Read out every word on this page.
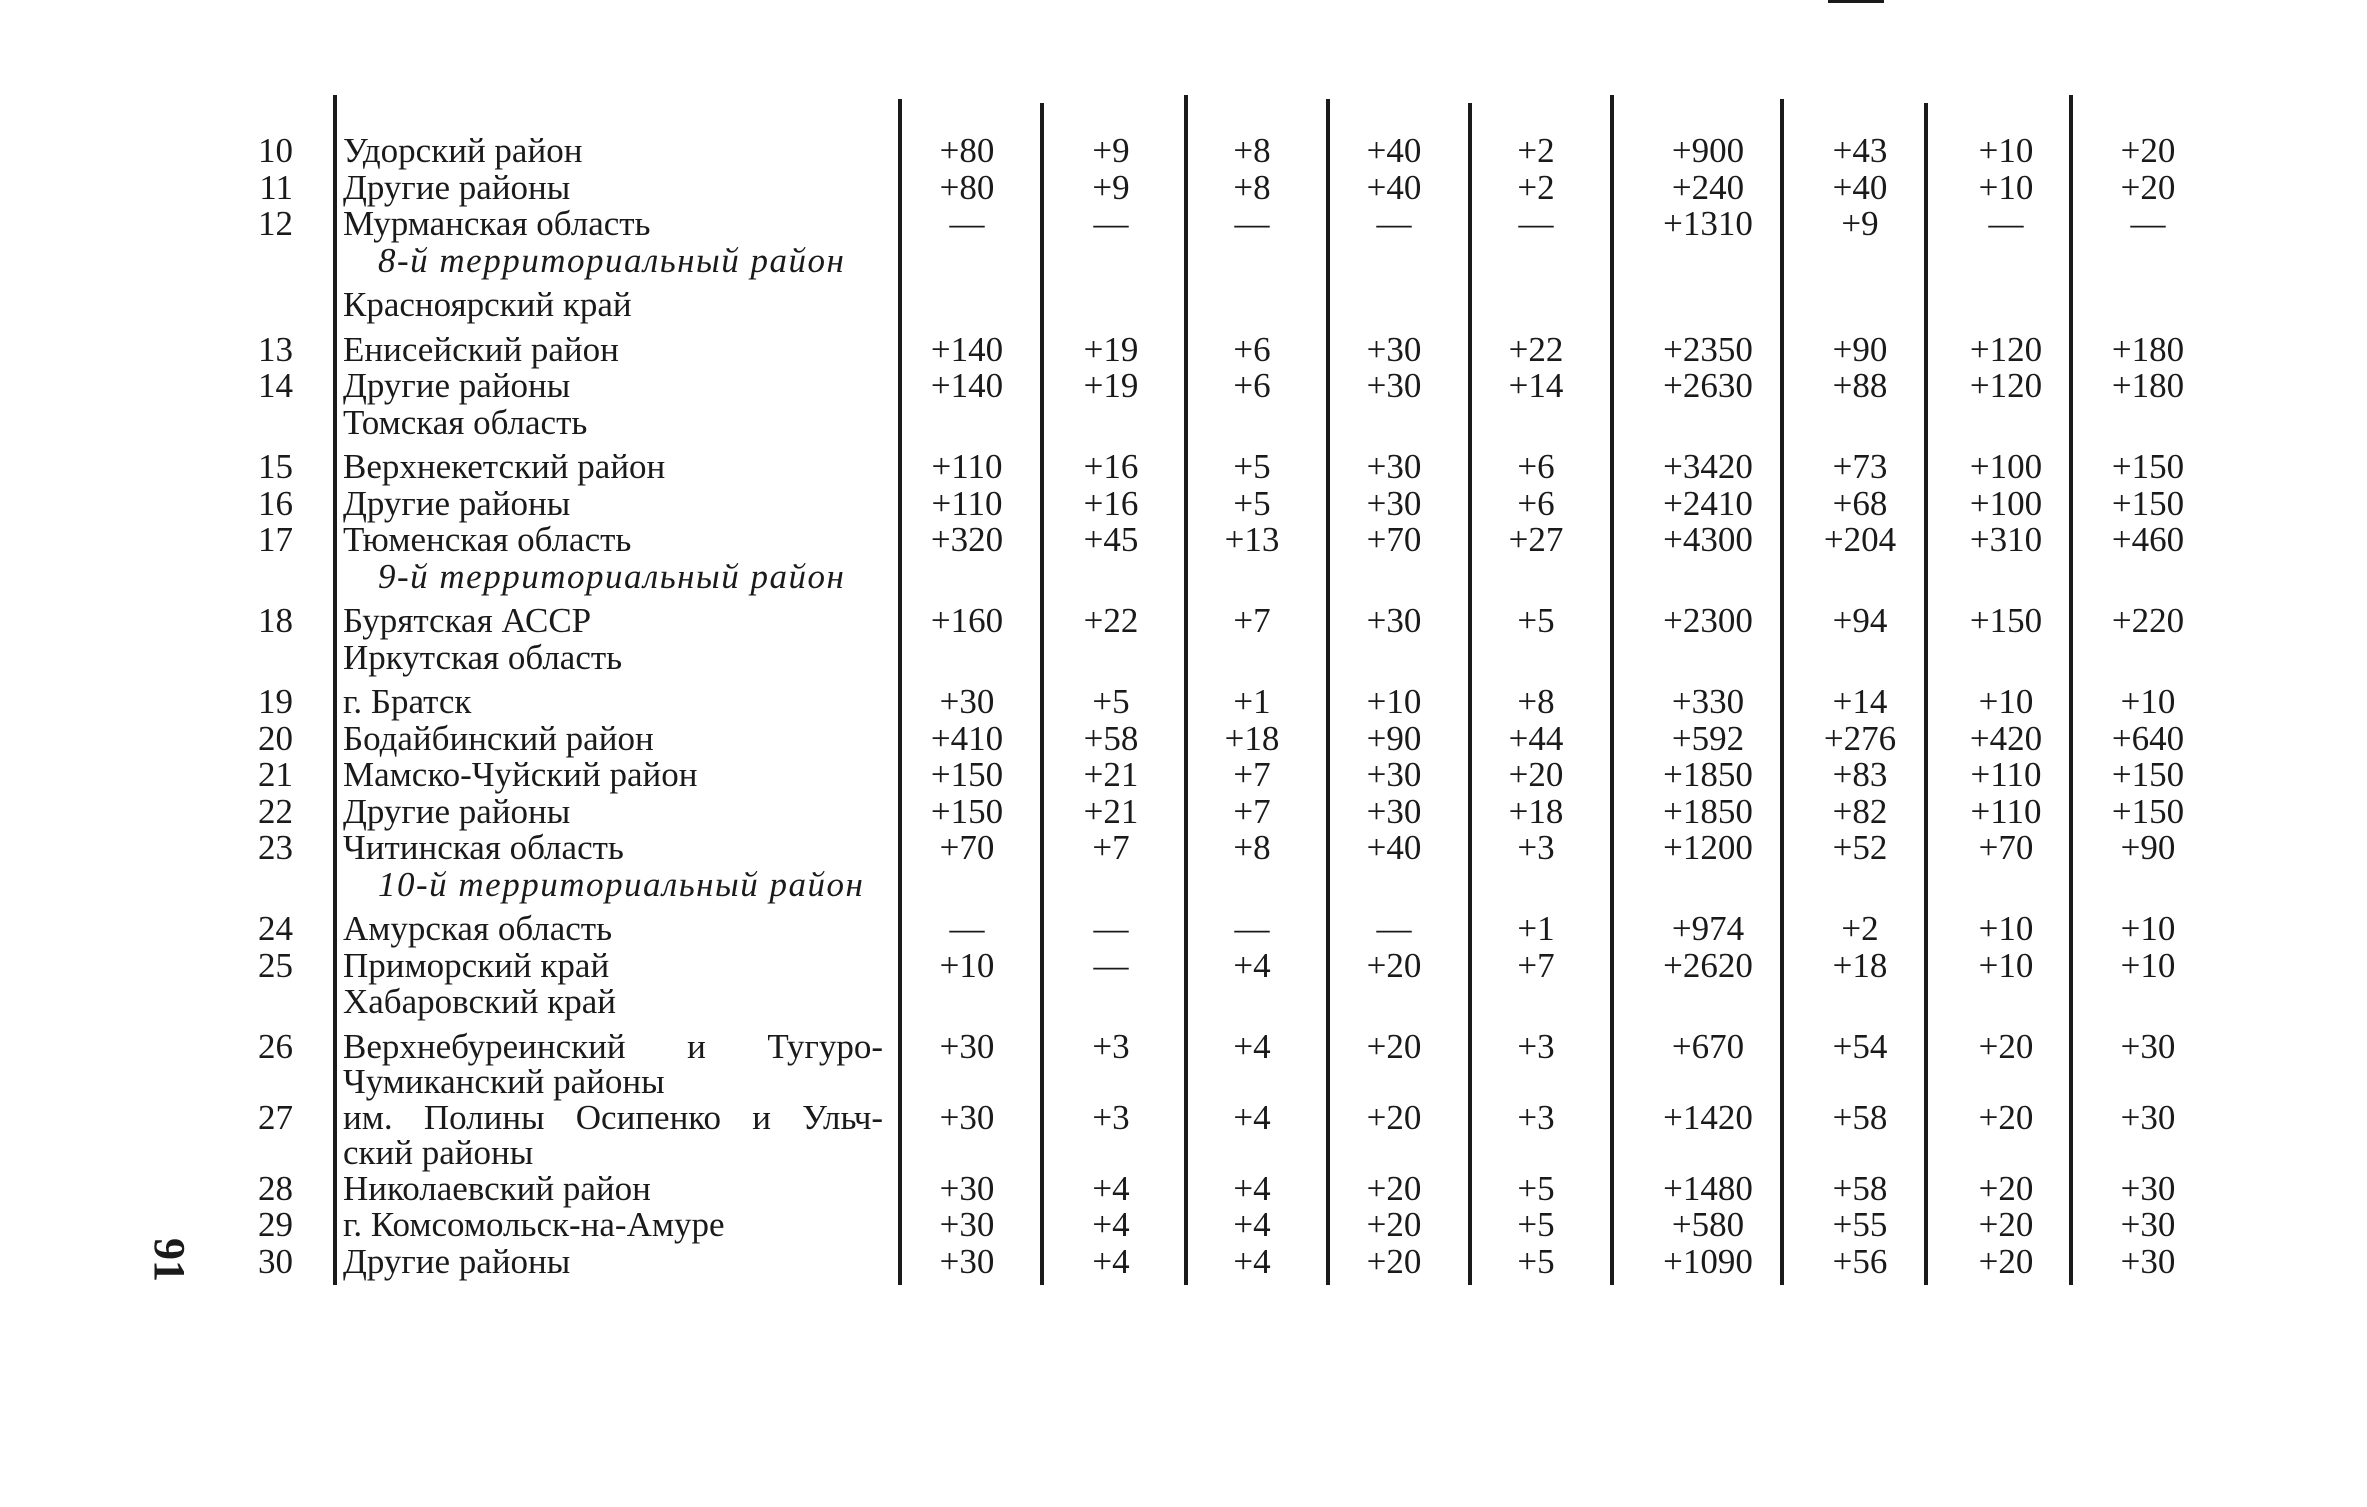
91
10 Удорский район	+80	+9	+8	+40	+2	+900	+43	+10	+20
11 Другие районы	+80	+9	+8	+40	+2	+240	+40	+10	+20
12 Мурманская область	—	—	—	—	—	+1310	+9	—	—
8-й территориальный район
Красноярский край
13 Енисейский район	+140	+19	+6	+30	+22	+2350	+90	+120	+180
14 Другие районы	+140	+19	+6	+30	+14	+2630	+88	+120	+180
Томская область
15 Верхнекетский район	+110	+16	+5	+30	+6	+3420	+73	+100	+150
16 Другие районы	+110	+16	+5	+30	+6	+2410	+68	+100	+150
17 Тюменская область	+320	+45	+13	+70	+27	+4300	+204	+310	+460
9-й территориальный район
18 Бурятская АССР	+160	+22	+7	+30	+5	+2300	+94	+150	+220
Иркутская область
19 г. Братск	+30	+5	+1	+10	+8	+330	+14	+10	+10
20 Бодайбинский район	+410	+58	+18	+90	+44	+592	+276	+420	+640
21 Мамско-Чуйский район	+150	+21	+7	+30	+20	+1850	+83	+110	+150
22 Другие районы	+150	+21	+7	+30	+18	+1850	+82	+110	+150
23 Читинская область	+70	+7	+8	+40	+3	+1200	+52	+70	+90
10-й территориальный район
24 Амурская область	—	—	—	—	+1	+974	+2	+10	+10
25 Приморский край	+10	—	+4	+20	+7	+2620	+18	+10	+10
Хабаровский край
26 Верхнебуреинский и Тугуро-
Чумиканский районы
+30	+3	+4	+20	+3	+670	+54	+20	+30
27 им. Полины Осипенко и Ульч-
ский районы
+30	+3	+4	+20	+3	+1420	+58	+20	+30
28 Николаевский район	+30	+4	+4	+20	+5	+1480	+58	+20	+30
29 г. Комсомольск-на-Амуре	+30	+4	+4	+20	+5	+580	+55	+20	+30
30 Другие районы	+30	+4	+4	+20	+5	+1090	+56	+20	+30
